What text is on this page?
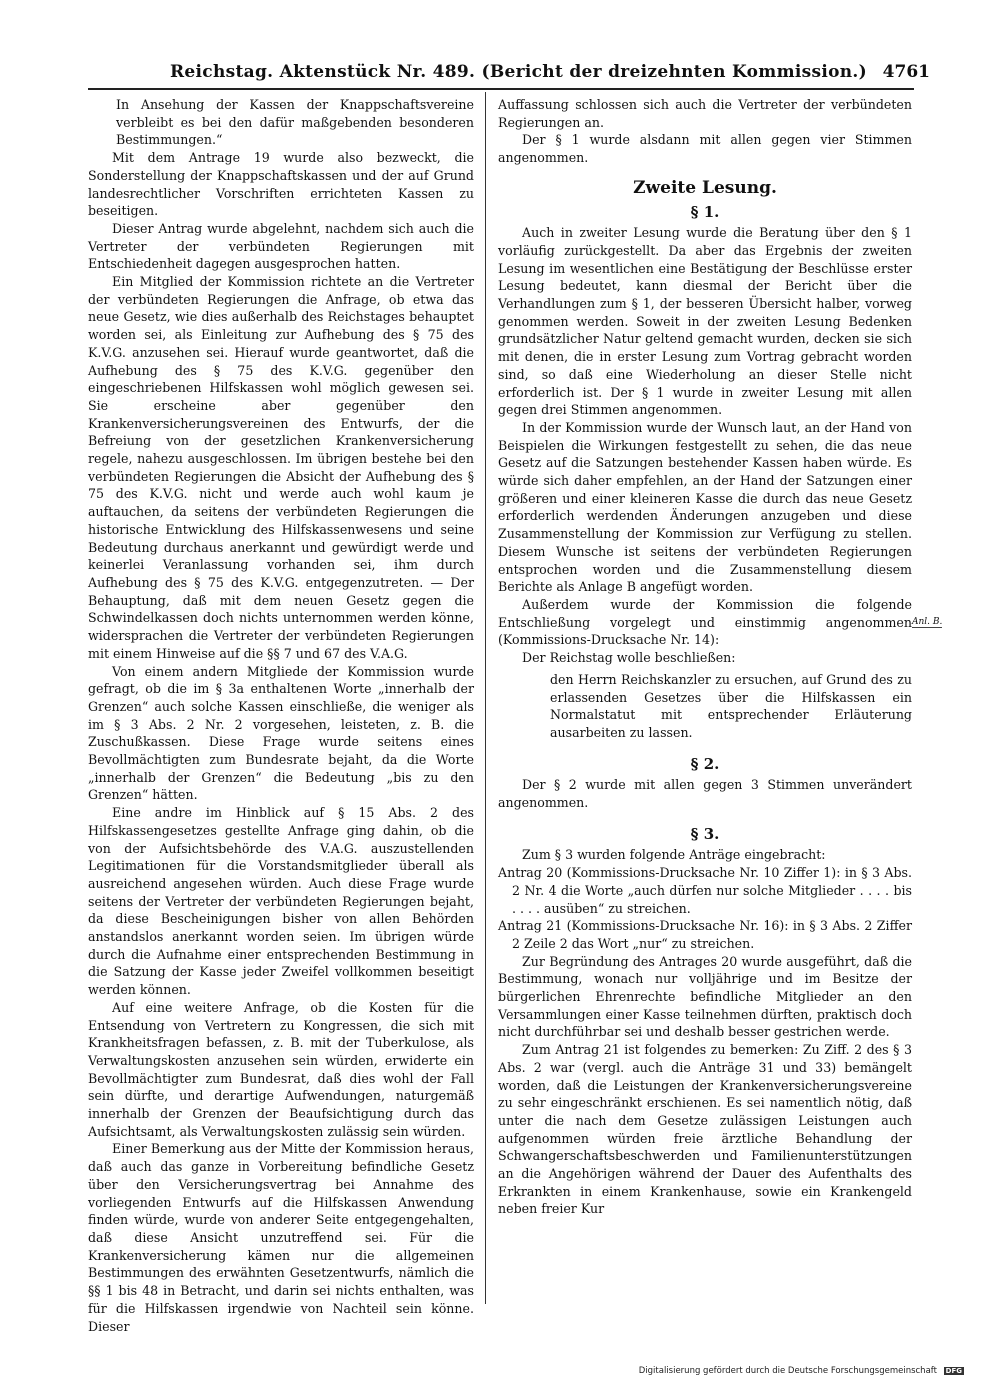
Reichstag. Aktenstück Nr. 489. (Bericht der dreizehnten Kommission.) 4761

In Ansehung der Kassen der Knappschaftsvereine verbleibt es bei den dafür maßgebenden besonderen Bestimmungen.“

Mit dem Antrage 19 wurde also bezweckt, die Sonderstellung der Knappschaftskassen und der auf Grund landesrechtlicher Vorschriften errichteten Kassen zu beseitigen.

Dieser Antrag wurde abgelehnt, nachdem sich auch die Vertreter der verbündeten Regierungen mit Entschiedenheit dagegen ausgesprochen hatten.

Ein Mitglied der Kommission richtete an die Vertreter der verbündeten Regierungen die Anfrage, ob etwa das neue Gesetz, wie dies außerhalb des Reichstages behauptet worden sei, als Einleitung zur Aufhebung des § 75 des K.V.G. anzusehen sei. Hierauf wurde geantwortet, daß die Aufhebung des § 75 des K.V.G. gegenüber den eingeschriebenen Hilfskassen wohl möglich gewesen sei. Sie erscheine aber gegenüber den Krankenversicherungsvereinen des Entwurfs, der die Befreiung von der gesetzlichen Krankenversicherung regele, nahezu ausgeschlossen. Im übrigen bestehe bei den verbündeten Regierungen die Absicht der Aufhebung des § 75 des K.V.G. nicht und werde auch wohl kaum je auftauchen, da seitens der verbündeten Regierungen die historische Entwicklung des Hilfskassenwesens und seine Bedeutung durchaus anerkannt und gewürdigt werde und keinerlei Veranlassung vorhanden sei, ihm durch Aufhebung des § 75 des K.V.G. entgegenzutreten. — Der Behauptung, daß mit dem neuen Gesetz gegen die Schwindelkassen doch nichts unternommen werden könne, widersprachen die Vertreter der verbündeten Regierungen mit einem Hinweise auf die §§ 7 und 67 des V.A.G.

Von einem andern Mitgliede der Kommission wurde gefragt, ob die im § 3a enthaltenen Worte „innerhalb der Grenzen“ auch solche Kassen einschließe, die weniger als im § 3 Abs. 2 Nr. 2 vorgesehen, leisteten, z. B. die Zuschußkassen. Diese Frage wurde seitens eines Bevollmächtigten zum Bundesrate bejaht, da die Worte „innerhalb der Grenzen“ die Bedeutung „bis zu den Grenzen“ hätten.

Eine andre im Hinblick auf § 15 Abs. 2 des Hilfskassengesetzes gestellte Anfrage ging dahin, ob die von der Aufsichtsbehörde des V.A.G. auszustellenden Legitimationen für die Vorstandsmitglieder überall als ausreichend angesehen würden. Auch diese Frage wurde seitens der Vertreter der verbündeten Regierungen bejaht, da diese Bescheinigungen bisher von allen Behörden anstandslos anerkannt worden seien. Im übrigen würde durch die Aufnahme einer entsprechenden Bestimmung in die Satzung der Kasse jeder Zweifel vollkommen beseitigt werden können.

Auf eine weitere Anfrage, ob die Kosten für die Entsendung von Vertretern zu Kongressen, die sich mit Krankheitsfragen befassen, z. B. mit der Tuberkulose, als Verwaltungskosten anzusehen sein würden, erwiderte ein Bevollmächtigter zum Bundesrat, daß dies wohl der Fall sein dürfte, und derartige Aufwendungen, naturgemäß innerhalb der Grenzen der Beaufsichtigung durch das Aufsichtsamt, als Verwaltungskosten zulässig sein würden.

Einer Bemerkung aus der Mitte der Kommission heraus, daß auch das ganze in Vorbereitung befindliche Gesetz über den Versicherungsvertrag bei Annahme des vorliegenden Entwurfs auf die Hilfskassen Anwendung finden würde, wurde von anderer Seite entgegengehalten, daß diese Ansicht unzutreffend sei. Für die Krankenversicherung kämen nur die allgemeinen Bestimmungen des erwähnten Gesetzentwurfs, nämlich die §§ 1 bis 48 in Betracht, und darin sei nichts enthalten, was für die Hilfskassen irgendwie von Nachteil sein könne. Dieser

Auffassung schlossen sich auch die Vertreter der verbündeten Regierungen an.

Der § 1 wurde alsdann mit allen gegen vier Stimmen angenommen.

Zweite Lesung.
§ 1.

Auch in zweiter Lesung wurde die Beratung über den § 1 vorläufig zurückgestellt. Da aber das Ergebnis der zweiten Lesung im wesentlichen eine Bestätigung der Beschlüsse erster Lesung bedeutet, kann diesmal der Bericht über die Verhandlungen zum § 1, der besseren Übersicht halber, vorweg genommen werden. Soweit in der zweiten Lesung Bedenken grundsätzlicher Natur geltend gemacht wurden, decken sie sich mit denen, die in erster Lesung zum Vortrag gebracht worden sind, so daß eine Wiederholung an dieser Stelle nicht erforderlich ist. Der § 1 wurde in zweiter Lesung mit allen gegen drei Stimmen angenommen.

In der Kommission wurde der Wunsch laut, an der Hand von Beispielen die Wirkungen festgestellt zu sehen, die das neue Gesetz auf die Satzungen bestehender Kassen haben würde. Es würde sich daher empfehlen, an der Hand der Satzungen einer größeren und einer kleineren Kasse die durch das neue Gesetz erforderlich werdenden Änderungen anzugeben und diese Zusammenstellung der Kommission zur Verfügung zu stellen. Diesem Wunsche ist seitens der verbündeten Regierungen entsprochen worden und die Zusammenstellung diesem Berichte als Anlage B angefügt worden.

Außerdem wurde der Kommission die folgende Entschließung vorgelegt und einstimmig angenommen (Kommissions-Drucksache Nr. 14):

Der Reichstag wolle beschließen:

den Herrn Reichskanzler zu ersuchen, auf Grund des zu erlassenden Gesetzes über die Hilfskassen ein Normalstatut mit entsprechender Erläuterung ausarbeiten zu lassen.

§ 2.

Der § 2 wurde mit allen gegen 3 Stimmen unverändert angenommen.

§ 3.

Zum § 3 wurden folgende Anträge eingebracht:

Antrag 20 (Kommissions-Drucksache Nr. 10 Ziffer 1): in § 3 Abs. 2 Nr. 4 die Worte „auch dürfen nur solche Mitglieder . . . . bis . . . . ausüben“ zu streichen.

Antrag 21 (Kommissions-Drucksache Nr. 16): in § 3 Abs. 2 Ziffer 2 Zeile 2 das Wort „nur“ zu streichen.

Zur Begründung des Antrages 20 wurde ausgeführt, daß die Bestimmung, wonach nur volljährige und im Besitze der bürgerlichen Ehrenrechte befindliche Mitglieder an den Versammlungen einer Kasse teilnehmen dürften, praktisch doch nicht durchführbar sei und deshalb besser gestrichen werde.

Zum Antrag 21 ist folgendes zu bemerken: Zu Ziff. 2 des § 3 Abs. 2 war (vergl. auch die Anträge 31 und 33) bemängelt worden, daß die Leistungen der Krankenversicherungsvereine zu sehr eingeschränkt erschienen. Es sei namentlich nötig, daß unter die nach dem Gesetze zulässigen Leistungen auch aufgenommen würden freie ärztliche Behandlung der Schwangerschaftsbeschwerden und Familienunterstützungen an die Angehörigen während der Dauer des Aufenthalts des Erkrankten in einem Krankenhause, sowie ein Krankengeld neben freier Kur

Anl. B.
Digitalisierung gefördert durch die Deutsche Forschungsgemeinschaft DFG
